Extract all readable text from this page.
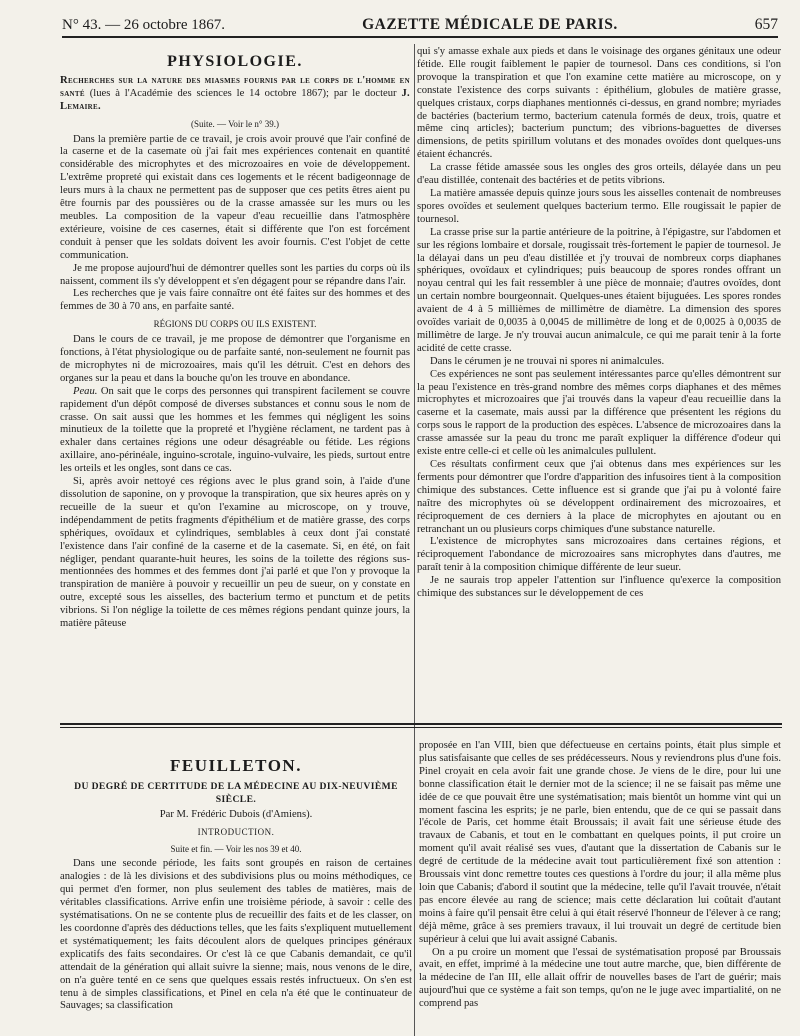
N° 43. — 26 octobre 1867.	GAZETTE MÉDICALE DE PARIS.	657

PHYSIOLOGIE.

Recherches sur la nature des miasmes fournis par le corps de l'homme en santé (lues à l'Académie des sciences le 14 octobre 1867); par le docteur J. Lemaire.

(Suite. — Voir le n° 39.)

Dans la première partie de ce travail, je crois avoir prouvé que l'air confiné de la caserne et de la casemate où j'ai fait mes expériences contenait en quantité considérable des microphytes et des microzoaires en voie de développement. L'extrême propreté qui existait dans ces logements et le récent badigeonnage de leurs murs à la chaux ne permettent pas de supposer que ces petits êtres aient pu être fournis par des poussières ou de la crasse amassée sur les murs ou les meubles. La composition de la vapeur d'eau recueillie dans l'atmosphère extérieure, voisine de ces casernes, était si différente que l'on est forcément conduit à penser que les soldats doivent les avoir fournis. C'est l'objet de cette communication.

Je me propose aujourd'hui de démontrer quelles sont les parties du corps où ils naissent, comment ils s'y développent et s'en dégagent pour se répandre dans l'air.

Les recherches que je vais faire connaître ont été faites sur des hommes et des femmes de 30 à 70 ans, en parfaite santé.

RÉGIONS DU CORPS OU ILS EXISTENT.

Dans le cours de ce travail, je me propose de démontrer que l'organisme en fonctions, à l'état physiologique ou de parfaite santé, non-seulement ne fournit pas de microphytes ni de microzoaires, mais qu'il les détruit. C'est en dehors des organes sur la peau et dans la bouche qu'on les trouve en abondance.

Peau. On sait que le corps des personnes qui transpirent facilement se couvre rapidement d'un dépôt composé de diverses substances et connu sous le nom de crasse. On sait aussi que les hommes et les femmes qui négligent les soins minutieux de la toilette que la propreté et l'hygiène réclament, ne tardent pas à exhaler dans certaines régions une odeur désagréable ou fétide. Les régions axillaire, ano-périnéale, inguino-scrotale, inguino-vulvaire, les pieds, surtout entre les orteils et les ongles, sont dans ce cas.

Si, après avoir nettoyé ces régions avec le plus grand soin, à l'aide d'une dissolution de saponine, on y provoque la transpiration, que six heures après on y recueille de la sueur et qu'on l'examine au microscope, on y trouve, indépendamment de petits fragments d'épithélium et de matière grasse, des corps sphériques, ovoïdaux et cylindriques, semblables à ceux dont j'ai constaté l'existence dans l'air confiné de la caserne et de la casemate. Si, en été, on fait négliger, pendant quarante-huit heures, les soins de la toilette des régions sus-mentionnées des hommes et des femmes dont j'ai parlé et que l'on y provoque la transpiration de manière à pouvoir y recueillir un peu de sueur, on y constate en outre, excepté sous les aisselles, des bacterium termo et punctum et de petits vibrions. Si l'on néglige la toilette de ces mêmes régions pendant quinze jours, la matière pâteuse

qui s'y amasse exhale aux pieds et dans le voisinage des organes génitaux une odeur fétide. Elle rougit faiblement le papier de tournesol. Dans ces conditions, si l'on provoque la transpiration et que l'on examine cette matière au microscope, on y constate l'existence des corps suivants : épithélium, globules de matière grasse, quelques cristaux, corps diaphanes mentionnés ci-dessus, en grand nombre; myriades de bactéries (bacterium termo, bacterium catenula formés de deux, trois, quatre et même cinq articles); bacterium punctum; des vibrions-baguettes de diverses dimensions, de petits spirillum volutans et des monades ovoïdes dont quelques-uns étaient échancrés.

La crasse fétide amassée sous les ongles des gros orteils, délayée dans un peu d'eau distillée, contenait des bactéries et de petits vibrions.

La matière amassée depuis quinze jours sous les aisselles contenait de nombreuses spores ovoïdes et seulement quelques bacterium termo. Elle rougissait le papier de tournesol.

La crasse prise sur la partie antérieure de la poitrine, à l'épigastre, sur l'abdomen et sur les régions lombaire et dorsale, rougissait très-fortement le papier de tournesol. Je la délayai dans un peu d'eau distillée et j'y trouvai de nombreux corps diaphanes sphériques, ovoïdaux et cylindriques; puis beaucoup de spores rondes offrant un noyau central qui les fait ressembler à une pièce de monnaie; d'autres ovoïdes, dont un certain nombre bourgeonnait. Quelques-unes étaient bijuguées. Les spores rondes avaient de 4 à 5 millièmes de millimètre de diamètre. La dimension des spores ovoïdes variait de 0,0035 à 0,0045 de millimètre de long et de 0,0025 à 0,0035 de millimètre de large. Je n'y trouvai aucun animalcule, ce qui me parait tenir à la forte acidité de cette crasse.

Dans le cérumen je ne trouvai ni spores ni animalcules.

Ces expériences ne sont pas seulement intéressantes parce qu'elles démontrent sur la peau l'existence en très-grand nombre des mêmes corps diaphanes et des mêmes microphytes et microzoaires que j'ai trouvés dans la vapeur d'eau recueillie dans la caserne et la casemate, mais aussi par la différence que présentent les régions du corps sous le rapport de la production des espèces. L'absence de microzoaires dans la crasse amassée sur la peau du tronc me paraît expliquer la différence d'odeur qui existe entre celle-ci et celle où les animalcules pullulent.

Ces résultats confirment ceux que j'ai obtenus dans mes expériences sur les ferments pour démontrer que l'ordre d'apparition des infusoires tient à la composition chimique des substances. Cette influence est si grande que j'ai pu à volonté faire naître des microphytes où se développent ordinairement des microzoaires, et réciproquement de ces derniers à la place de microphytes en ajoutant ou en retranchant un ou plusieurs corps chimiques d'une substance naturelle.

L'existence de microphytes sans microzoaires dans certaines régions, et réciproquement l'abondance de microzoaires sans microphytes dans d'autres, me paraît tenir à la composition chimique différente de leur sueur.

Je ne saurais trop appeler l'attention sur l'influence qu'exerce la composition chimique des substances sur le développement de ces

FEUILLETON.

DU DEGRÉ DE CERTITUDE DE LA MÉDECINE AU DIX-NEUVIÈME SIÈCLE.

Par M. Frédéric Dubois (d'Amiens).

INTRODUCTION.

Suite et fin. — Voir les nos 39 et 40.

Dans une seconde période, les faits sont groupés en raison de certaines analogies : de là les divisions et des subdivisions plus ou moins méthodiques, ce qui permet d'en former, non plus seulement des tables de matières, mais de véritables classifications. Arrive enfin une troisième période, à savoir : celle des systématisations. On ne se contente plus de recueillir des faits et de les classer, on les coordonne d'après des déductions telles, que les faits s'expliquent mutuellement et systématiquement; les faits découlent alors de quelques principes généraux explicatifs des faits secondaires. Or c'est là ce que Cabanis demandait, ce qu'il attendait de la génération qui allait suivre la sienne; mais, nous venons de le dire, on n'a guère tenté en ce sens que quelques essais restés infructueux. On s'en est tenu à de simples classifications, et Pinel en cela n'a été que le continuateur de Sauvages; sa classification

proposée en l'an VIII, bien que défectueuse en certains points, était plus simple et plus satisfaisante que celles de ses prédécesseurs. Nous y reviendrons plus d'une fois. Pinel croyait en cela avoir fait une grande chose. Je viens de le dire, pour lui une bonne classification était le dernier mot de la science; il ne se faisait pas même une idée de ce que pouvait être une systématisation; mais bientôt un homme vint qui un moment fascina les esprits; je ne parle, bien entendu, que de ce qui se passait dans l'école de Paris, cet homme était Broussais; il avait fait une sérieuse étude des travaux de Cabanis, et tout en le combattant en quelques points, il put croire un moment qu'il avait réalisé ses vues, d'autant que la dissertation de Cabanis sur le degré de certitude de la médecine avait tout particulièrement fixé son attention : Broussais vint donc remettre toutes ces questions à l'ordre du jour; il alla même plus loin que Cabanis; d'abord il soutint que la médecine, telle qu'il l'avait trouvée, n'était pas encore élevée au rang de science; mais cette déclaration lui coûtait d'autant moins à faire qu'il pensait être celui à qui était réservé l'honneur de l'élever à ce rang; déjà même, grâce à ses premiers travaux, il lui trouvait un degré de certitude bien supérieur à celui que lui avait assigné Cabanis.

On a pu croire un moment que l'essai de systématisation proposé par Broussais avait, en effet, imprimé à la médecine une tout autre marche, que, bien différente de la médecine de l'an III, elle allait offrir de nouvelles bases de l'art de guérir; mais aujourd'hui que ce système a fait son temps, qu'on ne le juge avec impartialité, on ne comprend pas
